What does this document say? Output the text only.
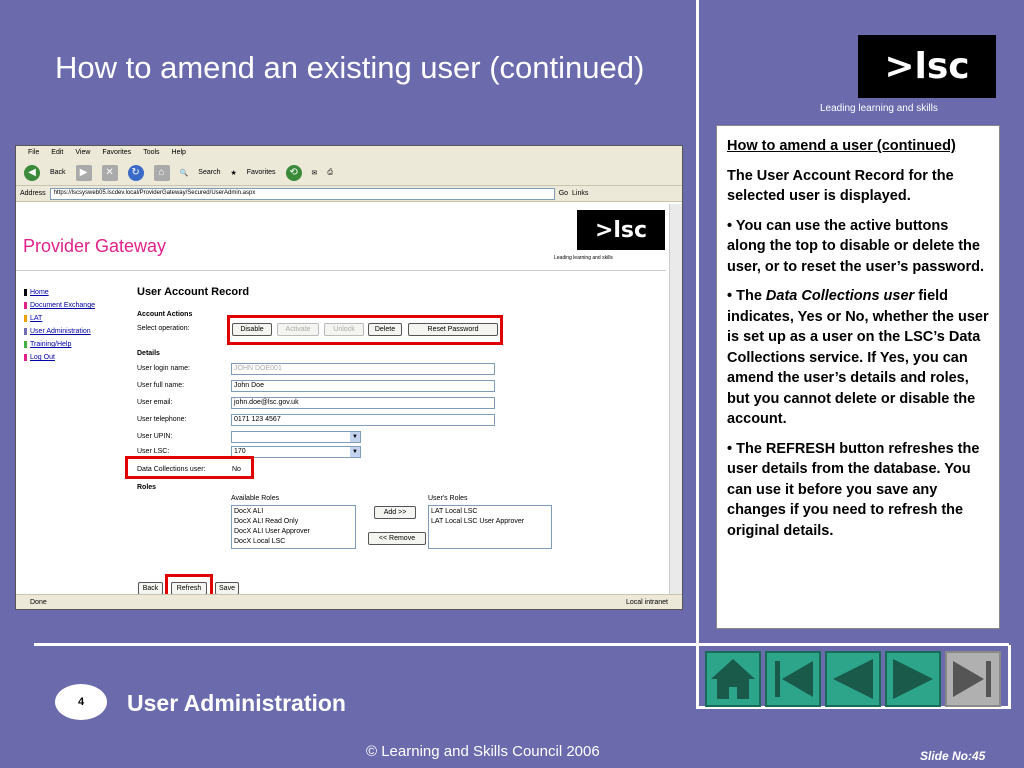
How to amend an existing user (continued)	>lsc
Leading learning and skills
File Edit View Favorites Tools Help
◀	Back	▶	✕	↻	⌂	🔍 Search ★ Favorites	⟲	✉ ⎙
Address	https://lscsysweb05.lscdev.local/ProviderGateway/Secured/UserAdmin.aspx	Go Links
Provider Gateway
>lsc
Leading learning and skills
Home
Document Exchange
LAT
User Administration
Training/Help
Log Out
User Account Record
Account Actions
Select operation:	Disable	Activate	Unlock	Delete	Reset Password
Details
User login name:	JOHN DOE001
User full name:	John Doe
User email:	john.doe@lsc.gov.uk
User telephone:	0171 123 4567
User UPIN:	▼
User LSC:	170	▼
Data Collections user:	No
Roles
Available Roles
DocX ALI
DocX ALI Read Only
DocX ALI User Approver
DocX Local LSC
Add >>
<< Remove
User's Roles
LAT Local LSC
LAT Local LSC User Approver
Back	Refresh	Save
Done	Local intranet

How to amend a user (continued)

The User Account Record for the selected user is displayed.

• You can use the active buttons along the top to disable or delete the user, or to reset the user’s password.

• The Data Collections user field indicates, Yes or No, whether the user is set up as a user on the LSC’s Data Collections service. If Yes, you can amend the user’s details and roles, but you cannot delete or disable the account.

• The REFRESH button refreshes the user details from the database. You can use it before you save any changes if you need to refresh the original details.

4	User Administration
© Learning and Skills Council 2006	Slide No:45
